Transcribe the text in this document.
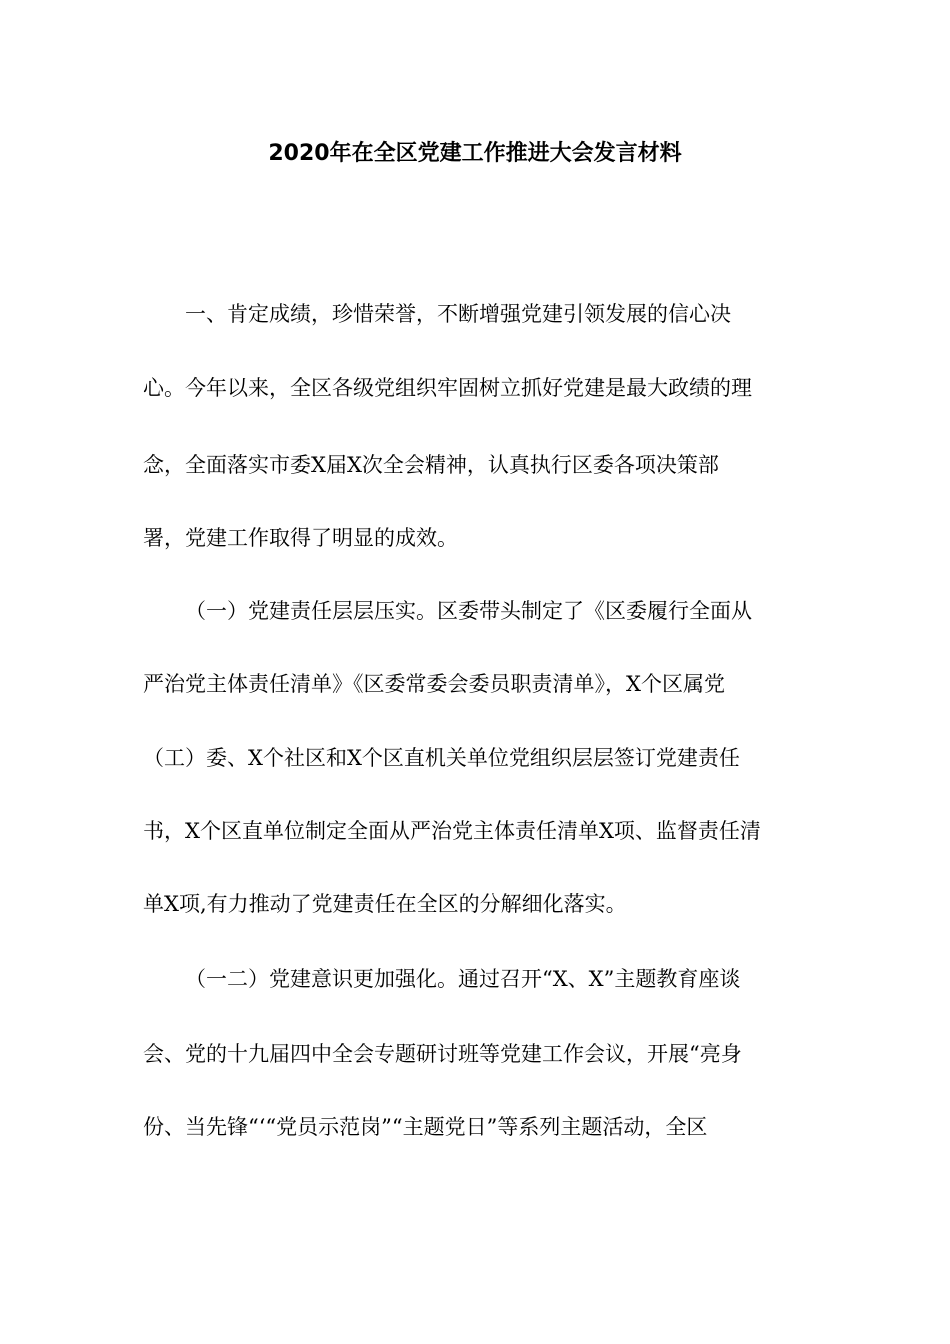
2020年在全区党建工作推进大会发言材料

一、肯定成绩，珍惜荣誉，不断增强党建引领发展的信心决

心。今年以来，全区各级党组织牢固树立抓好党建是最大政绩的理

念，全面落实市委X届X次全会精神，认真执行区委各项决策部

署，党建工作取得了明显的成效。

（一）党建责任层层压实。区委带头制定了《区委履行全面从

严治党主体责任清单》《区委常委会委员职责清单》，X个区属党

（工）委、X个社区和X个区直机关单位党组织层层签订党建责任

书，X个区直单位制定全面从严治党主体责任清单X项、监督责任清

单X项,有力推动了党建责任在全区的分解细化落实。

（一二）党建意识更加强化。通过召开“X、X”主题教育座谈

会、党的十九届四中全会专题研讨班等党建工作会议，开展“亮身

份、当先锋“‘“党员示范岗”“主题党日”等系列主题活动，全区
